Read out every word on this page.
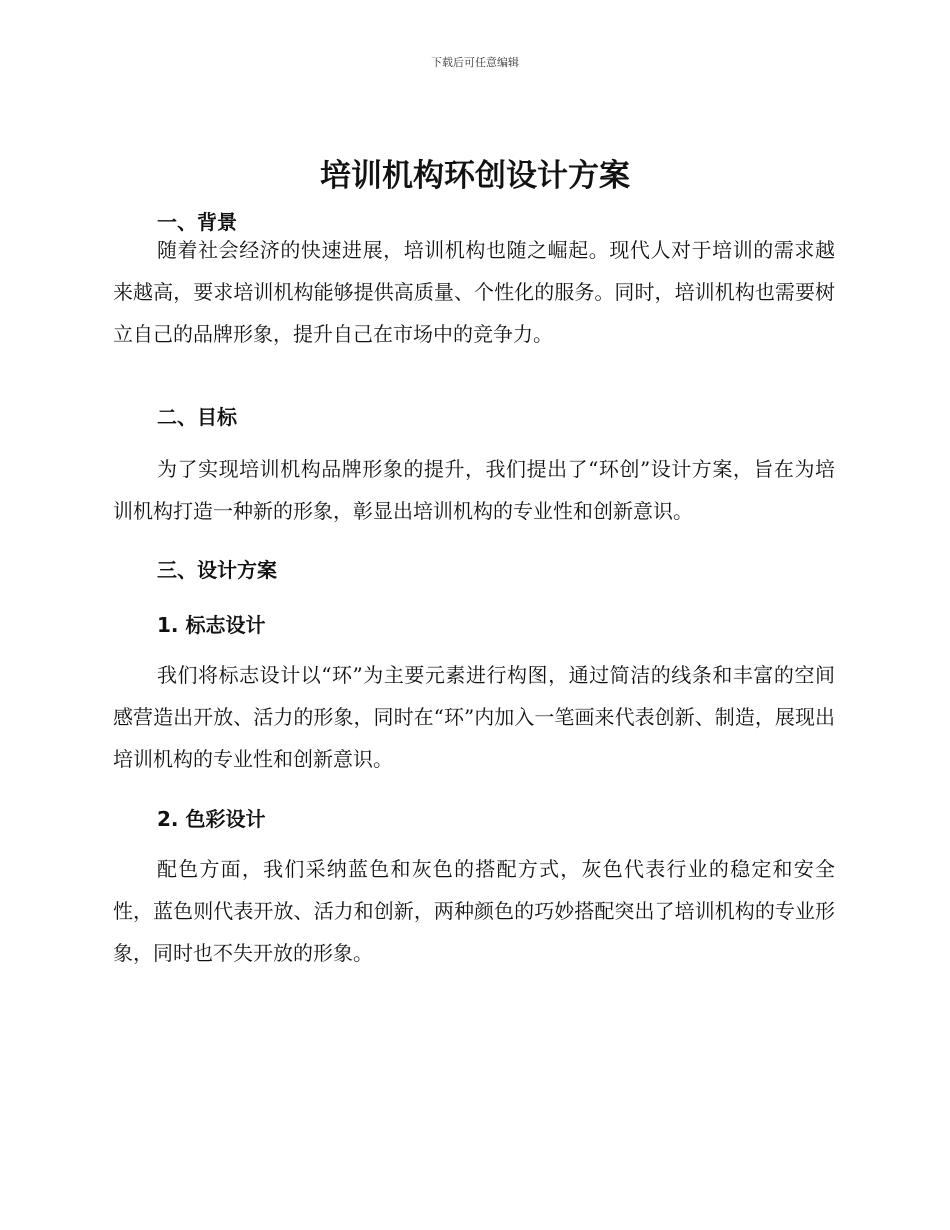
下载后可任意编辑
培训机构环创设计方案
一、背景

随着社会经济的快速进展，培训机构也随之崛起。现代人对于培训的需求越来越高，要求培训机构能够提供高质量、个性化的服务。同时，培训机构也需要树立自己的品牌形象，提升自己在市场中的竞争力。

二、目标

为了实现培训机构品牌形象的提升，我们提出了“环创”设计方案，旨在为培训机构打造一种新的形象，彰显出培训机构的专业性和创新意识。

三、设计方案
1. 标志设计

我们将标志设计以“环”为主要元素进行构图，通过简洁的线条和丰富的空间感营造出开放、活力的形象，同时在“环”内加入一笔画来代表创新、制造，展现出培训机构的专业性和创新意识。

2. 色彩设计

配色方面，我们采纳蓝色和灰色的搭配方式，灰色代表行业的稳定和安全性，蓝色则代表开放、活力和创新，两种颜色的巧妙搭配突出了培训机构的专业形象，同时也不失开放的形象。
